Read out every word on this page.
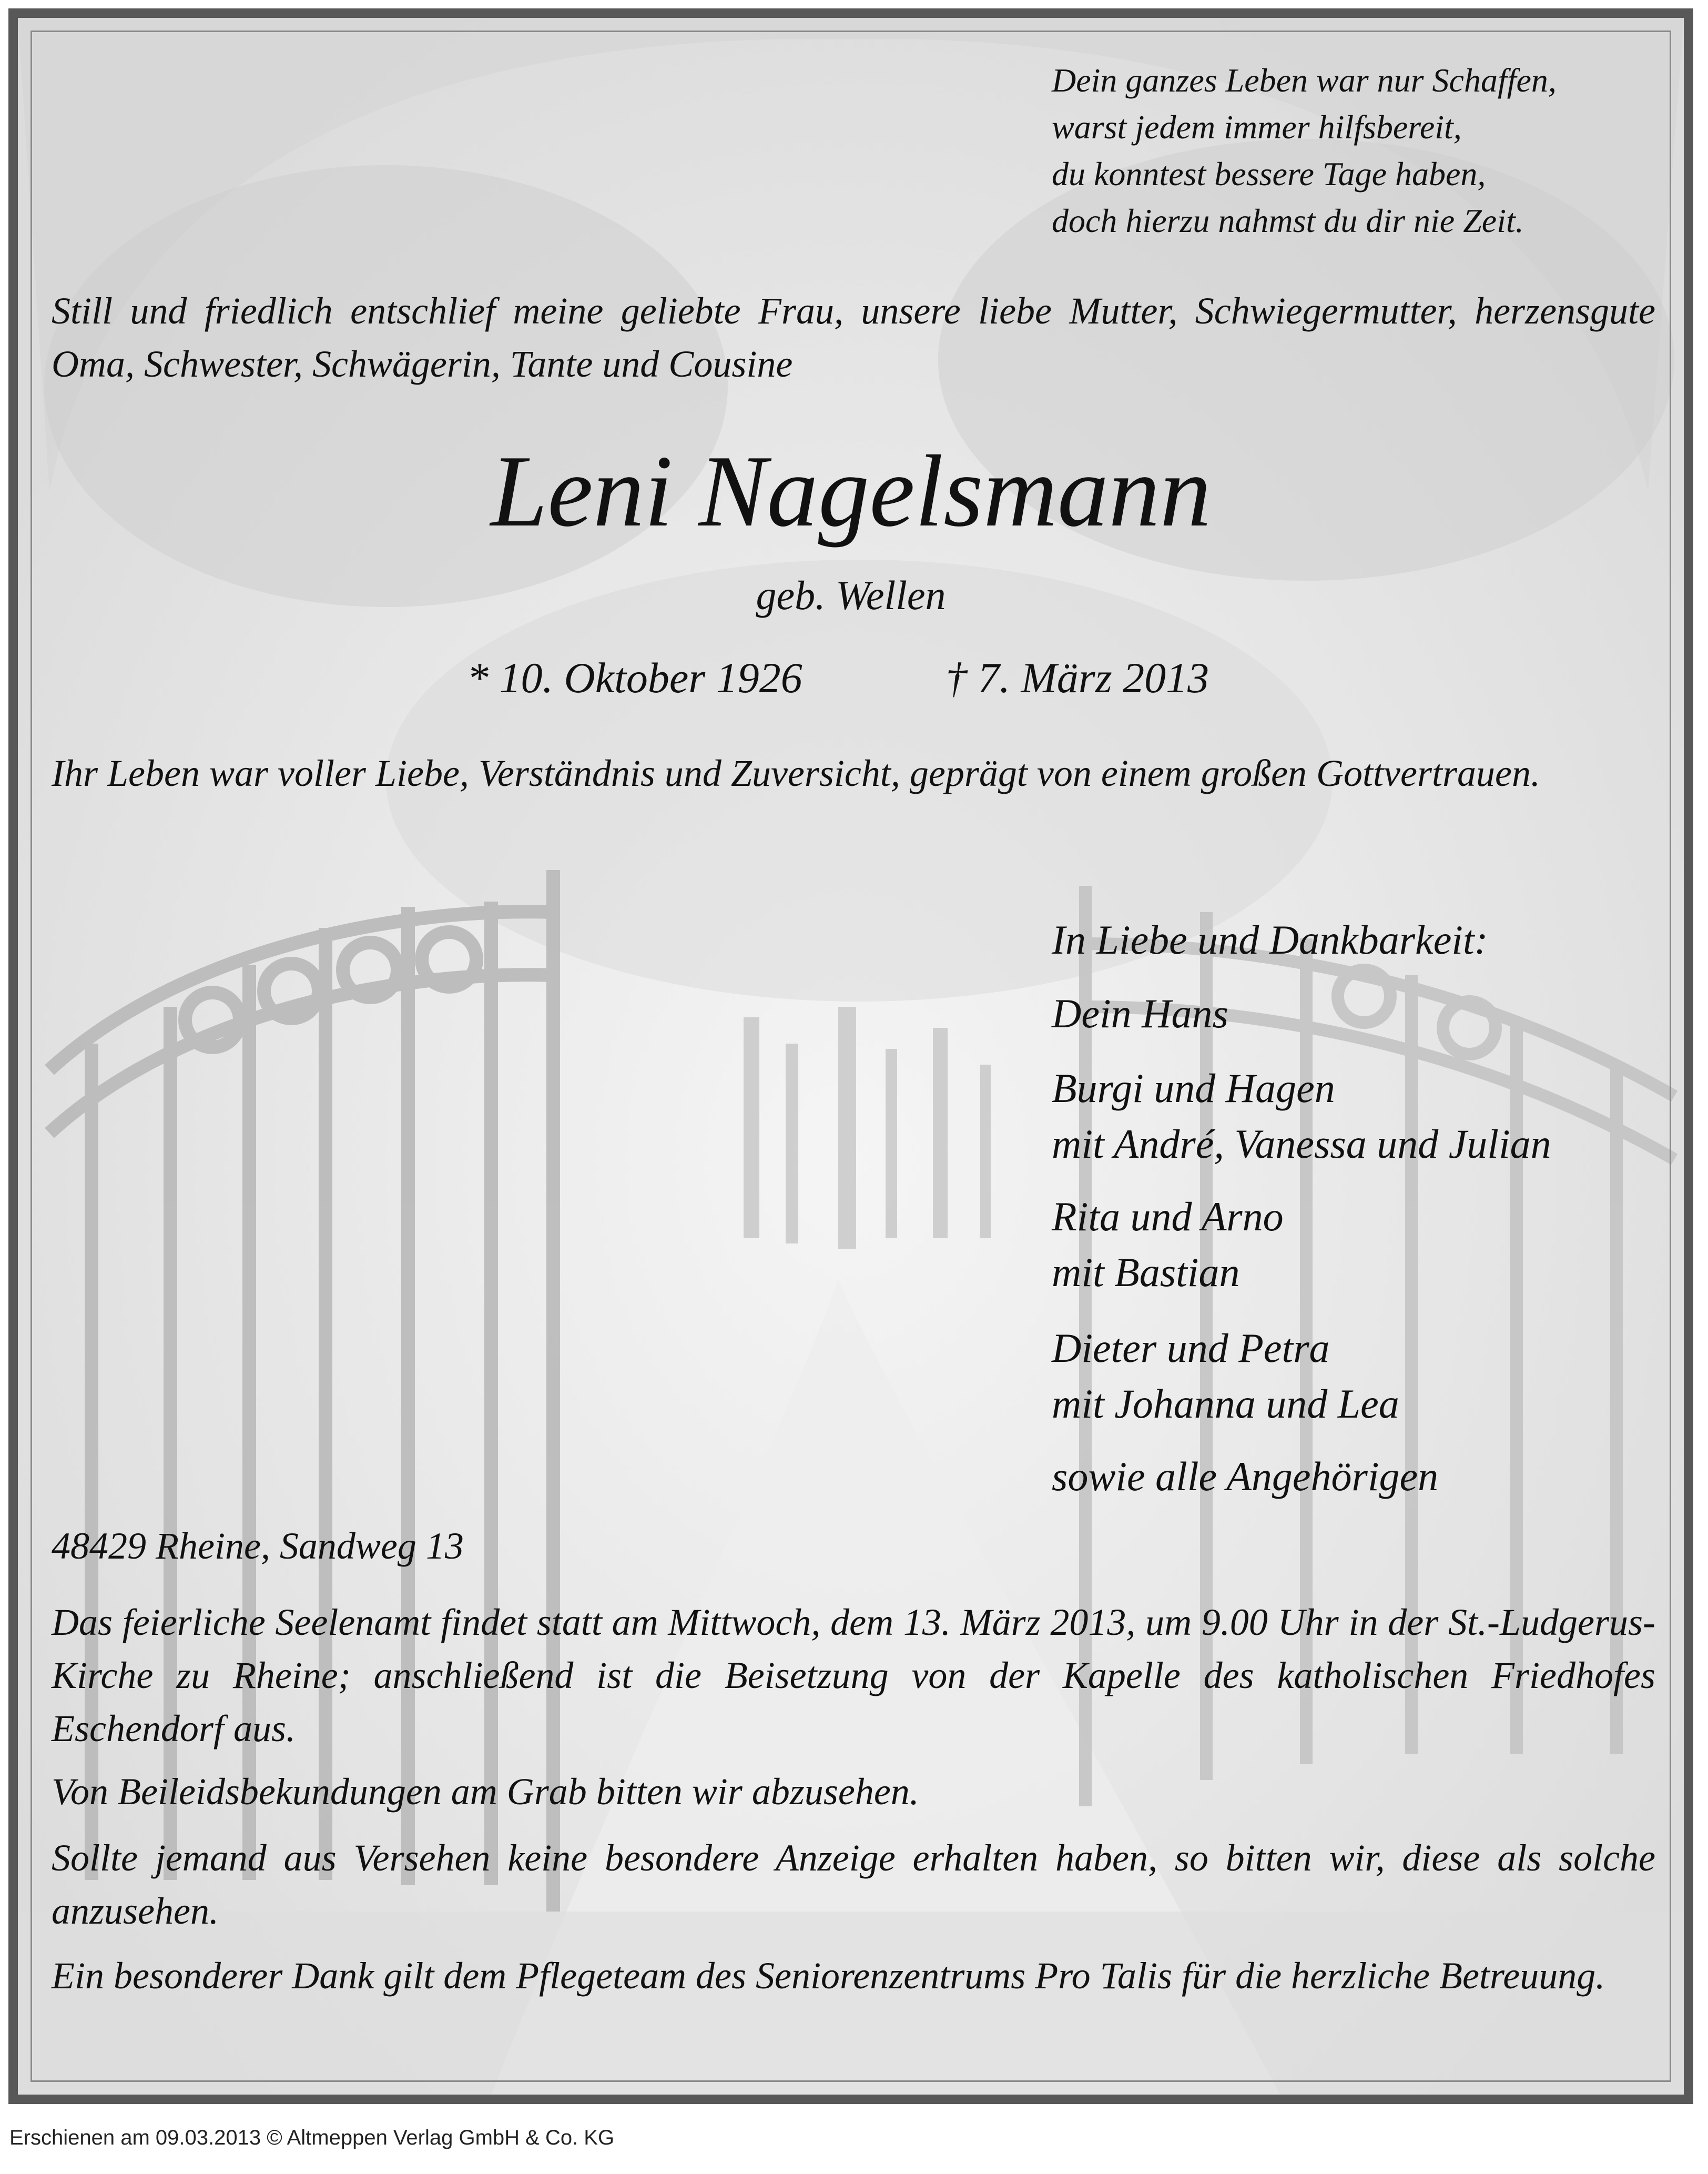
Dein ganzes Leben war nur Schaffen,
warst jedem immer hilfsbereit,
du konntest bessere Tage haben,
doch hierzu nahmst du dir nie Zeit.

Still und friedlich entschlief meine geliebte Frau, unsere liebe Mutter, Schwiegermutter, herzensgute Oma, Schwester, Schwägerin, Tante und Cousine

Leni Nagelsmann
geb. Wellen
* 10. Oktober 1926	† 7. März 2013

Ihr Leben war voller Liebe, Verständnis und Zuversicht, geprägt von einem großen Gottvertrauen.

In Liebe und Dankbarkeit:
Dein Hans
Burgi und Hagen
mit André, Vanessa und Julian
Rita und Arno
mit Bastian
Dieter und Petra
mit Johanna und Lea
sowie alle Angehörigen
48429 Rheine, Sandweg 13

Das feierliche Seelenamt findet statt am Mittwoch, dem 13. März 2013, um 9.00 Uhr in der St.-Ludgerus-Kirche zu Rheine; anschließend ist die Beisetzung von der Kapelle des katholischen Friedhofes Eschendorf aus.

Von Beileidsbekundungen am Grab bitten wir abzusehen.

Sollte jemand aus Versehen keine besondere Anzeige erhalten haben, so bitten wir, diese als solche anzusehen.

Ein besonderer Dank gilt dem Pflegeteam des Seniorenzentrums Pro Talis für die herzliche Betreuung.

Erschienen am 09.03.2013 © Altmeppen Verlag GmbH & Co. KG
